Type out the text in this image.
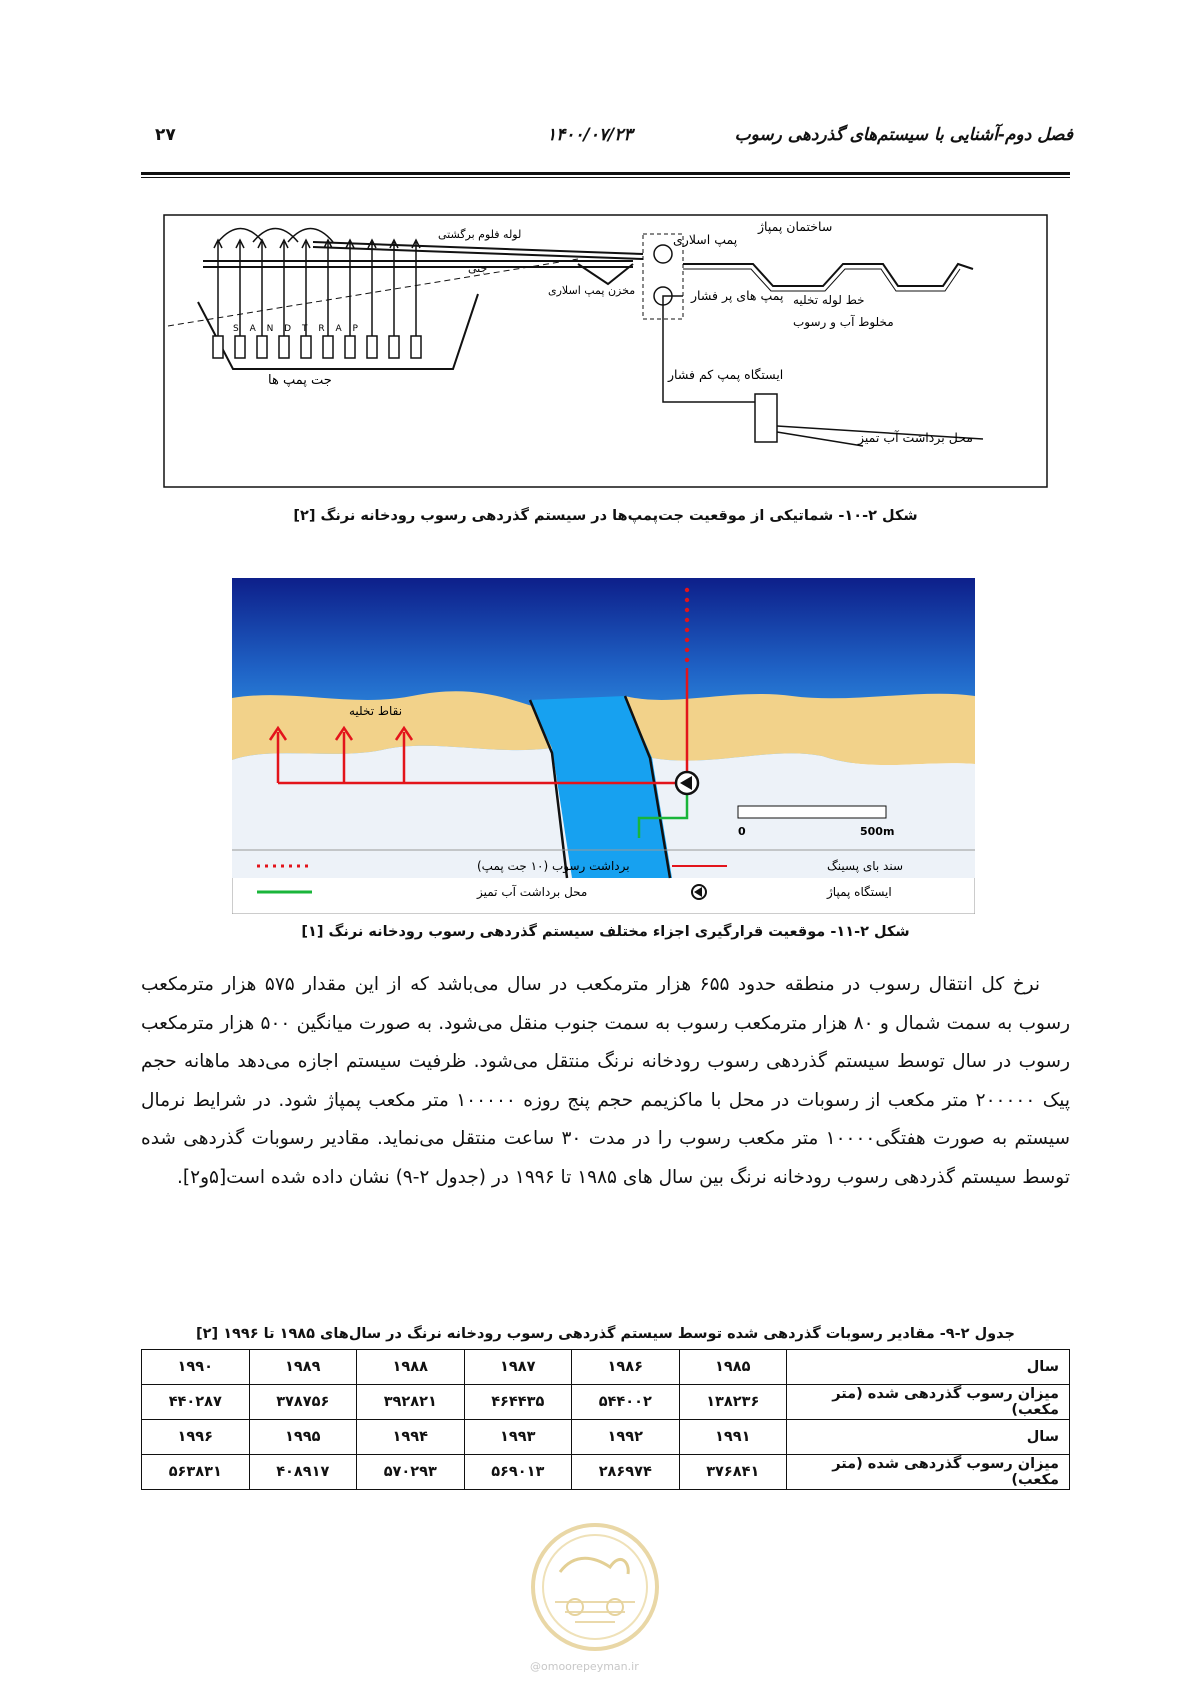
فصل دوم-آشنایی با سیستم‌های گذردهی رسوب
۱۴۰۰/۰۷/۲۳
۲۷
ساختمان پمپاژ
پمپ اسلاری
لوله فلوم برگشتی
جتی
مخزن پمپ اسلاری	پمپ های پر فشار خط لوله تخلیه
مخلوط آب و رسوب
جت پمپ ها	ایستگاه پمپ کم فشار
محل برداشت آب تمیز
S A N D T R A P
شکل ۲-۱۰- شماتیکی از موقعیت جت‌پمپ‌ها در سیستم گذردهی رسوب رودخانه نرنگ [۲]
نقاط تخلیه
0	500m
برداشت رسوب (۱۰ جت پمپ)
محل برداشت آب تمیز
سند بای پسینگ
ایستگاه پمپاژ
شکل ۲-۱۱- موقعیت قرارگیری اجزاء مختلف سیستم گذردهی رسوب رودخانه نرنگ [۱]

نرخ کل انتقال رسوب در منطقه حدود ۶۵۵ هزار مترمکعب در سال می‌باشد که از این مقدار ۵۷۵ هزار مترمکعب رسوب به سمت شمال و ۸۰ هزار مترمکعب رسوب به سمت جنوب منقل می‌شود. به صورت میانگین ۵۰۰ هزار مترمکعب رسوب در سال توسط سیستم گذردهی رسوب رودخانه نرنگ منتقل می‌شود. ظرفیت سیستم اجازه می‌دهد ماهانه حجم پیک ۲۰۰۰۰۰ متر مکعب از رسوبات در محل با ماکزیمم حجم پنج روزه ۱۰۰۰۰۰ متر مکعب پمپاژ شود. در شرایط نرمال سیستم به صورت هفتگی۱۰۰۰۰ متر مکعب رسوب را در مدت ۳۰ ساعت منتقل می‌نماید. مقادیر رسوبات گذردهی شده توسط سیستم گذردهی رسوب رودخانه نرنگ بین سال های ۱۹۸۵ تا ۱۹۹۶ در (جدول ۲-۹) نشان داده شده است[۵و۲].

جدول ۲-۹- مقادیر رسوبات گذردهی شده توسط سیستم گذردهی رسوب رودخانه نرنگ در سال‌های ۱۹۸۵ تا ۱۹۹۶ [۲]
سال	۱۹۸۵	۱۹۸۶	۱۹۸۷	۱۹۸۸	۱۹۸۹	۱۹۹۰
میزان رسوب گذردهی شده (متر مکعب)	۱۳۸۲۳۶	۵۴۴۰۰۲	۴۶۴۴۳۵	۳۹۲۸۲۱	۳۷۸۷۵۶	۴۴۰۲۸۷
سال	۱۹۹۱	۱۹۹۲	۱۹۹۳	۱۹۹۴	۱۹۹۵	۱۹۹۶
میزان رسوب گذردهی شده (متر مکعب)	۳۷۶۸۴۱	۲۸۶۹۷۴	۵۶۹۰۱۳	۵۷۰۲۹۳	۴۰۸۹۱۷	۵۶۳۸۳۱
@omoorepeyman.ir
